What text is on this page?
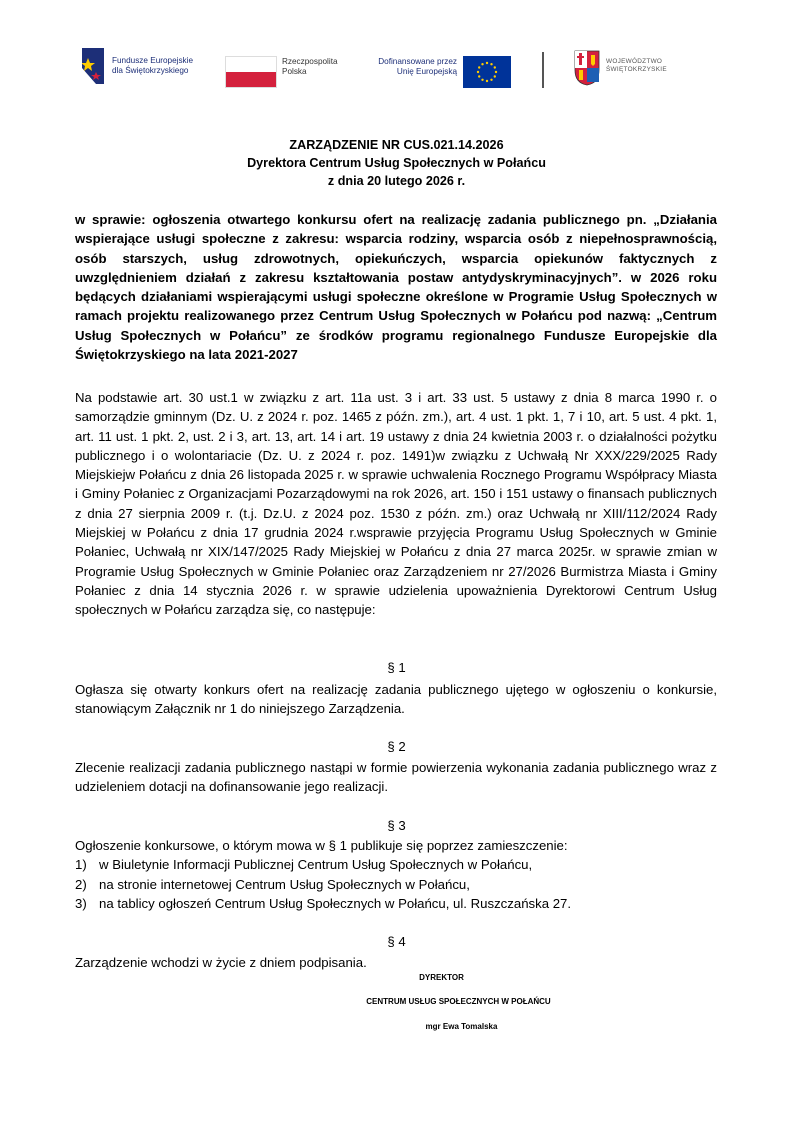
Fundusze Europejskie
dla Świętokrzyskiego
Rzeczpospolita
Polska
Dofinansowane przez
Unię Europejską
WOJEWÓDZTWO
ŚWIĘTOKRZYSKIE
ZARZĄDZENIE NR CUS.021.14.2026
Dyrektora Centrum Usług Społecznych w Połańcu
z dnia 20 lutego 2026 r.
w sprawie: ogłoszenia otwartego konkursu ofert na realizację zadania publicznego pn. „Działania wspierające usługi społeczne z zakresu: wsparcia rodziny, wsparcia osób z niepełnosprawnością, osób starszych, usług zdrowotnych, opiekuńczych, wsparcia opiekunów faktycznych z uwzględnieniem działań z zakresu kształtowania postaw antydyskryminacyjnych”. w 2026 roku będących działaniami wspierającymi usługi społeczne określone w Programie Usług Społecznych w ramach projektu realizowanego przez Centrum Usług Społecznych w Połańcu pod nazwą: „Centrum Usług Społecznych w Połańcu” ze środków programu regionalnego Fundusze Europejskie dla Świętokrzyskiego na lata 2021-2027
Na podstawie art. 30 ust.1 w związku z art. 11a ust. 3 i art. 33 ust. 5 ustawy z dnia 8 marca 1990 r. o samorządzie gminnym (Dz. U. z 2024 r. poz. 1465 z późn. zm.), art. 4 ust. 1 pkt. 1, 7 i 10, art. 5 ust. 4 pkt. 1, art. 11 ust. 1 pkt. 2, ust. 2 i 3, art. 13, art. 14 i art. 19 ustawy z dnia 24 kwietnia 2003 r. o działalności pożytku publicznego i o wolontariacie (Dz. U. z 2024 r. poz. 1491)w związku z Uchwałą Nr XXX/229/2025 Rady Miejskiejw Połańcu z dnia 26 listopada 2025 r. w sprawie uchwalenia Rocznego Programu Współpracy Miasta i Gminy Połaniec z Organizacjami Pozarządowymi na rok 2026, art. 150 i 151 ustawy o finansach publicznych z dnia 27 sierpnia 2009 r. (t.j. Dz.U. z 2024 poz. 1530 z późn. zm.) oraz Uchwałą nr XIII/112/2024 Rady Miejskiej w Połańcu z dnia 17 grudnia 2024 r.wsprawie przyjęcia Programu Usług Społecznych w Gminie Połaniec, Uchwałą nr XIX/147/2025 Rady Miejskiej w Połańcu z dnia 27 marca 2025r. w sprawie zmian w Programie Usług Społecznych w Gminie Połaniec oraz Zarządzeniem nr 27/2026 Burmistrza Miasta i Gminy Połaniec z dnia 14 stycznia 2026 r. w sprawie udzielenia upoważnienia Dyrektorowi Centrum Usług społecznych w Połańcu zarządza się, co następuje:
§ 1
Ogłasza się otwarty konkurs ofert na realizację zadania publicznego ujętego w ogłoszeniu o konkursie, stanowiącym Załącznik nr 1 do niniejszego Zarządzenia.
§ 2
Zlecenie realizacji zadania publicznego nastąpi w formie powierzenia wykonania zadania publicznego wraz z udzieleniem dotacji na dofinansowanie jego realizacji.
§ 3
Ogłoszenie konkursowe, o którym mowa w § 1 publikuje się poprzez zamieszczenie:
1) w Biuletynie Informacji Publicznej Centrum Usług Społecznych w Połańcu,
2) na stronie internetowej Centrum Usług Społecznych w Połańcu,
3) na tablicy ogłoszeń Centrum Usług Społecznych w Połańcu, ul. Ruszczańska 27.
§ 4
Zarządzenie wchodzi w życie z dniem podpisania.
DYREKTOR
CENTRUM USŁUG SPOŁECZNYCH W POŁAŃCU
mgr Ewa Tomalska
